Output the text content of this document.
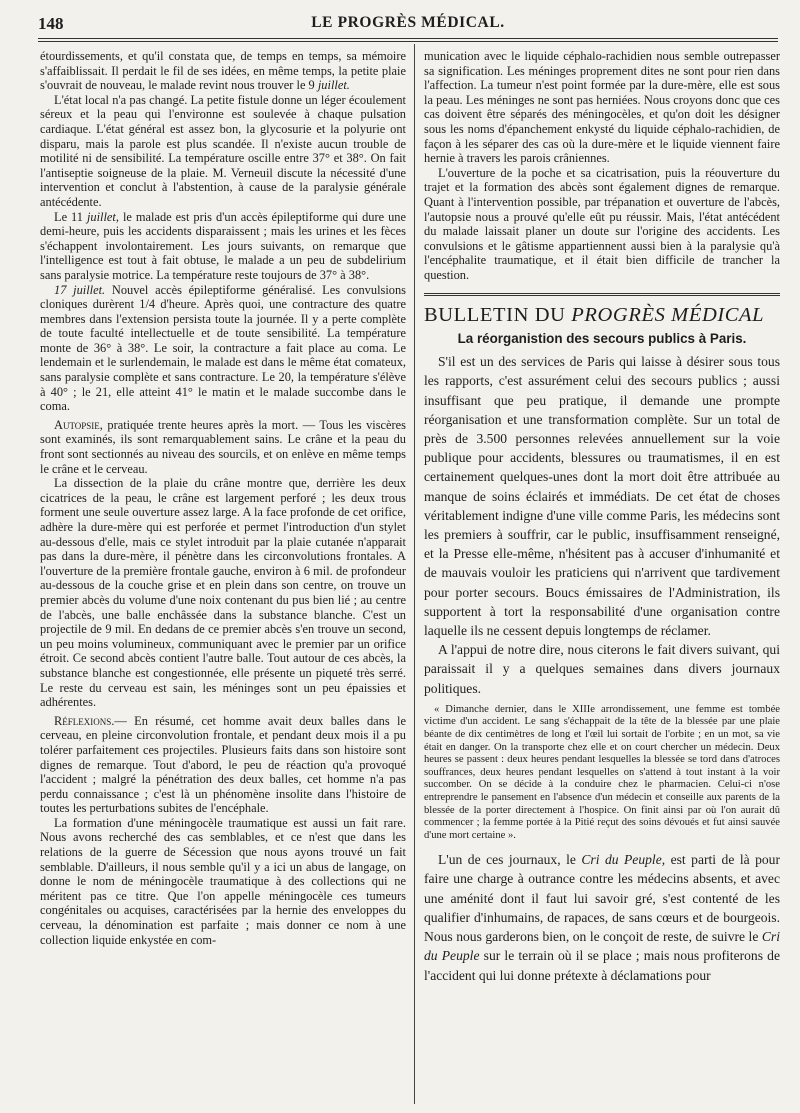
148	LE PROGRÈS MÉDICAL.

étourdissements, et qu'il constata que, de temps en temps, sa mémoire s'affaiblissait. Il perdait le fil de ses idées, en même temps, la petite plaie s'ouvrait de nouveau, le malade revint nous trouver le 9 juillet.

L'état local n'a pas changé. La petite fistule donne un léger écoulement séreux et la peau qui l'environne est soulevée à chaque pulsation cardiaque. L'état général est assez bon, la glycosurie et la polyurie ont disparu, mais la parole est plus scandée. Il n'existe aucun trouble de motilité ni de sensibilité. La température oscille entre 37° et 38°. On fait l'antiseptie soigneuse de la plaie. M. Verneuil discute la nécessité d'une intervention et conclut à l'abstention, à cause de la paralysie générale antécédente.

Le 11 juillet, le malade est pris d'un accès épileptiforme qui dure une demi-heure, puis les accidents disparaissent ; mais les urines et les fèces s'échappent involontairement. Les jours suivants, on remarque que l'intelligence est tout à fait obtuse, le malade a un peu de subdelirium sans paralysie motrice. La température reste toujours de 37° à 38°.

17 juillet. Nouvel accès épileptiforme généralisé. Les convulsions cloniques durèrent 1/4 d'heure. Après quoi, une contracture des quatre membres dans l'extension persista toute la journée. Il y a perte complète de toute faculté intellectuelle et de toute sensibilité. La température monte de 36° à 38°. Le soir, la contracture a fait place au coma. Le lendemain et le surlendemain, le malade est dans le même état comateux, sans paralysie complète et sans contracture. Le 20, la température s'élève à 40° ; le 21, elle atteint 41° le matin et le malade succombe dans le coma.

Autopsie, pratiquée trente heures après la mort. — Tous les viscères sont examinés, ils sont remarquablement sains. Le crâne et la peau du front sont sectionnés au niveau des sourcils, et on enlève en même temps le crâne et le cerveau.

La dissection de la plaie du crâne montre que, derrière les deux cicatrices de la peau, le crâne est largement perforé ; les deux trous forment une seule ouverture assez large. A la face profonde de cet orifice, adhère la dure-mère qui est perforée et permet l'introduction d'un stylet au-dessous d'elle, mais ce stylet introduit par la plaie cutanée n'apparait pas dans la dure-mère, il pénètre dans les circonvolutions frontales. A l'ouverture de la première frontale gauche, environ à 6 mil. de profondeur au-dessous de la couche grise et en plein dans son centre, on trouve un premier abcès du volume d'une noix contenant du pus bien lié ; au centre de l'abcès, une balle enchâssée dans la substance blanche. C'est un projectile de 9 mil. En dedans de ce premier abcès s'en trouve un second, un peu moins volumineux, communiquant avec le premier par un orifice étroit. Ce second abcès contient l'autre balle. Tout autour de ces abcès, la substance blanche est congestionnée, elle présente un piqueté très serré. Le reste du cerveau est sain, les méninges sont un peu épaissies et adhérentes.

Réflexions.— En résumé, cet homme avait deux balles dans le cerveau, en pleine circonvolution frontale, et pendant deux mois il a pu tolérer parfaitement ces projectiles. Plusieurs faits dans son histoire sont dignes de remarque. Tout d'abord, le peu de réaction qu'a provoqué l'accident ; malgré la pénétration des deux balles, cet homme n'a pas perdu connaissance ; c'est là un phénomène insolite dans l'histoire de toutes les perturbations subites de l'encéphale.

La formation d'une méningocèle traumatique est aussi un fait rare. Nous avons recherché des cas semblables, et ce n'est que dans les relations de la guerre de Sécession que nous ayons trouvé un fait semblable. D'ailleurs, il nous semble qu'il y a ici un abus de langage, on donne le nom de méningocèle traumatique à des collections qui ne méritent pas ce titre. Que l'on appelle méningocèle ces tumeurs congénitales ou acquises, caractérisées par la hernie des enveloppes du cerveau, la dénomination est parfaite ; mais donner ce nom à une collection liquide enkystée en com-

munication avec le liquide céphalo-rachidien nous semble outrepasser sa signification. Les méninges proprement dites ne sont pour rien dans l'affection. La tumeur n'est point formée par la dure-mère, elle est sous la peau. Les méninges ne sont pas herniées. Nous croyons donc que ces cas doivent être séparés des méningocèles, et qu'on doit les désigner sous les noms d'épanchement enkysté du liquide céphalo-rachidien, de façon à les séparer des cas où la dure-mère et le liquide viennent faire hernie à travers les parois crâniennes.

L'ouverture de la poche et sa cicatrisation, puis la réouverture du trajet et la formation des abcès sont également dignes de remarque. Quant à l'intervention possible, par trépanation et ouverture de l'abcès, l'autopsie nous a prouvé qu'elle eût pu réussir. Mais, l'état antécédent du malade laissait planer un doute sur l'origine des accidents. Les convulsions et le gâtisme appartiennent aussi bien à la paralysie qu'à l'encéphalite traumatique, et il était bien difficile de trancher la question.

BULLETIN DU PROGRÈS MÉDICAL
La réorganistion des secours publics à Paris.

S'il est un des services de Paris qui laisse à désirer sous tous les rapports, c'est assurément celui des secours publics ; aussi insuffisant que peu pratique, il demande une prompte réorganisation et une transformation complète. Sur un total de près de 3.500 personnes relevées annuellement sur la voie publique pour accidents, blessures ou traumatismes, il en est certainement quelques-unes dont la mort doit être attribuée au manque de soins éclairés et immédiats. De cet état de choses véritablement indigne d'une ville comme Paris, les médecins sont les premiers à souffrir, car le public, insuffisamment renseigné, et la Presse elle-même, n'hésitent pas à accuser d'inhumanité et de mauvais vouloir les praticiens qui n'arrivent que tardivement pour porter secours. Boucs émissaires de l'Administration, ils supportent à tort la responsabilité d'une organisation contre laquelle ils ne cessent depuis longtemps de réclamer.

A l'appui de notre dire, nous citerons le fait divers suivant, qui paraissait il y a quelques semaines dans divers journaux politiques.

« Dimanche dernier, dans le XIIIe arrondissement, une femme est tombée victime d'un accident. Le sang s'échappait de la tête de la blessée par une plaie béante de dix centimètres de long et l'œil lui sortait de l'orbite ; en un mot, sa vie était en danger. On la transporte chez elle et on court chercher un médecin. Deux heures se passent : deux heures pendant lesquelles la blessée se tord dans d'atroces souffrances, deux heures pendant lesquelles on s'attend à tout instant à la voir succomber. On se décide à la conduire chez le pharmacien. Celui-ci n'ose entreprendre le pansement en l'absence d'un médecin et conseille aux parents de la blessée de la porter directement à l'hospice. On finit ainsi par où l'on aurait dû commencer ; la femme portée à la Pitié reçut des soins dévoués et fut ainsi sauvée d'une mort certaine ».

L'un de ces journaux, le Cri du Peuple, est parti de là pour faire une charge à outrance contre les médecins absents, et avec une aménité dont il faut lui savoir gré, s'est contenté de les qualifier d'inhumains, de rapaces, de sans cœurs et de bourgeois. Nous nous garderons bien, on le conçoit de reste, de suivre le Cri du Peuple sur le terrain où il se place ; mais nous profiterons de l'accident qui lui donne prétexte à déclamations pour
